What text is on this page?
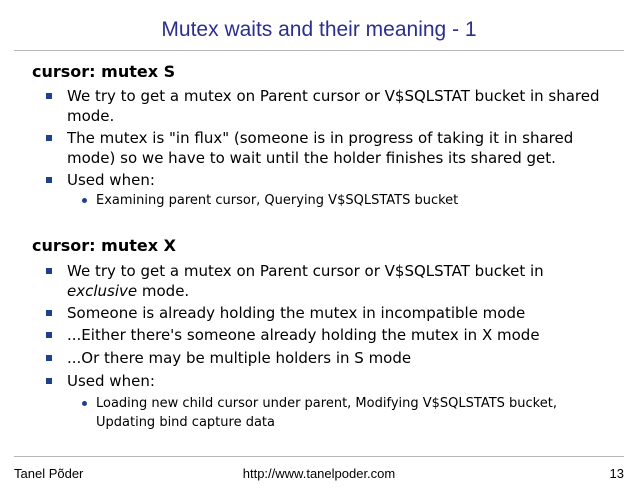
Mutex waits and their meaning - 1
cursor: mutex S
We try to get a mutex on Parent cursor or V$SQLSTAT bucket in shared mode.
The mutex is "in flux" (someone is in progress of taking it in shared mode) so we have to wait until the holder finishes its shared get.
Used when:
Examining parent cursor, Querying V$SQLSTATS bucket
cursor: mutex X
We try to get a mutex on Parent cursor or V$SQLSTAT bucket in
exclusive mode.
Someone is already holding the mutex in incompatible mode
...Either there's someone already holding the mutex in X mode
...Or there may be multiple holders in S mode
Used when:
Loading new child cursor under parent, Modifying V$SQLSTATS bucket, Updating bind capture data
Tanel Põder	http://www.tanelpoder.com	13
